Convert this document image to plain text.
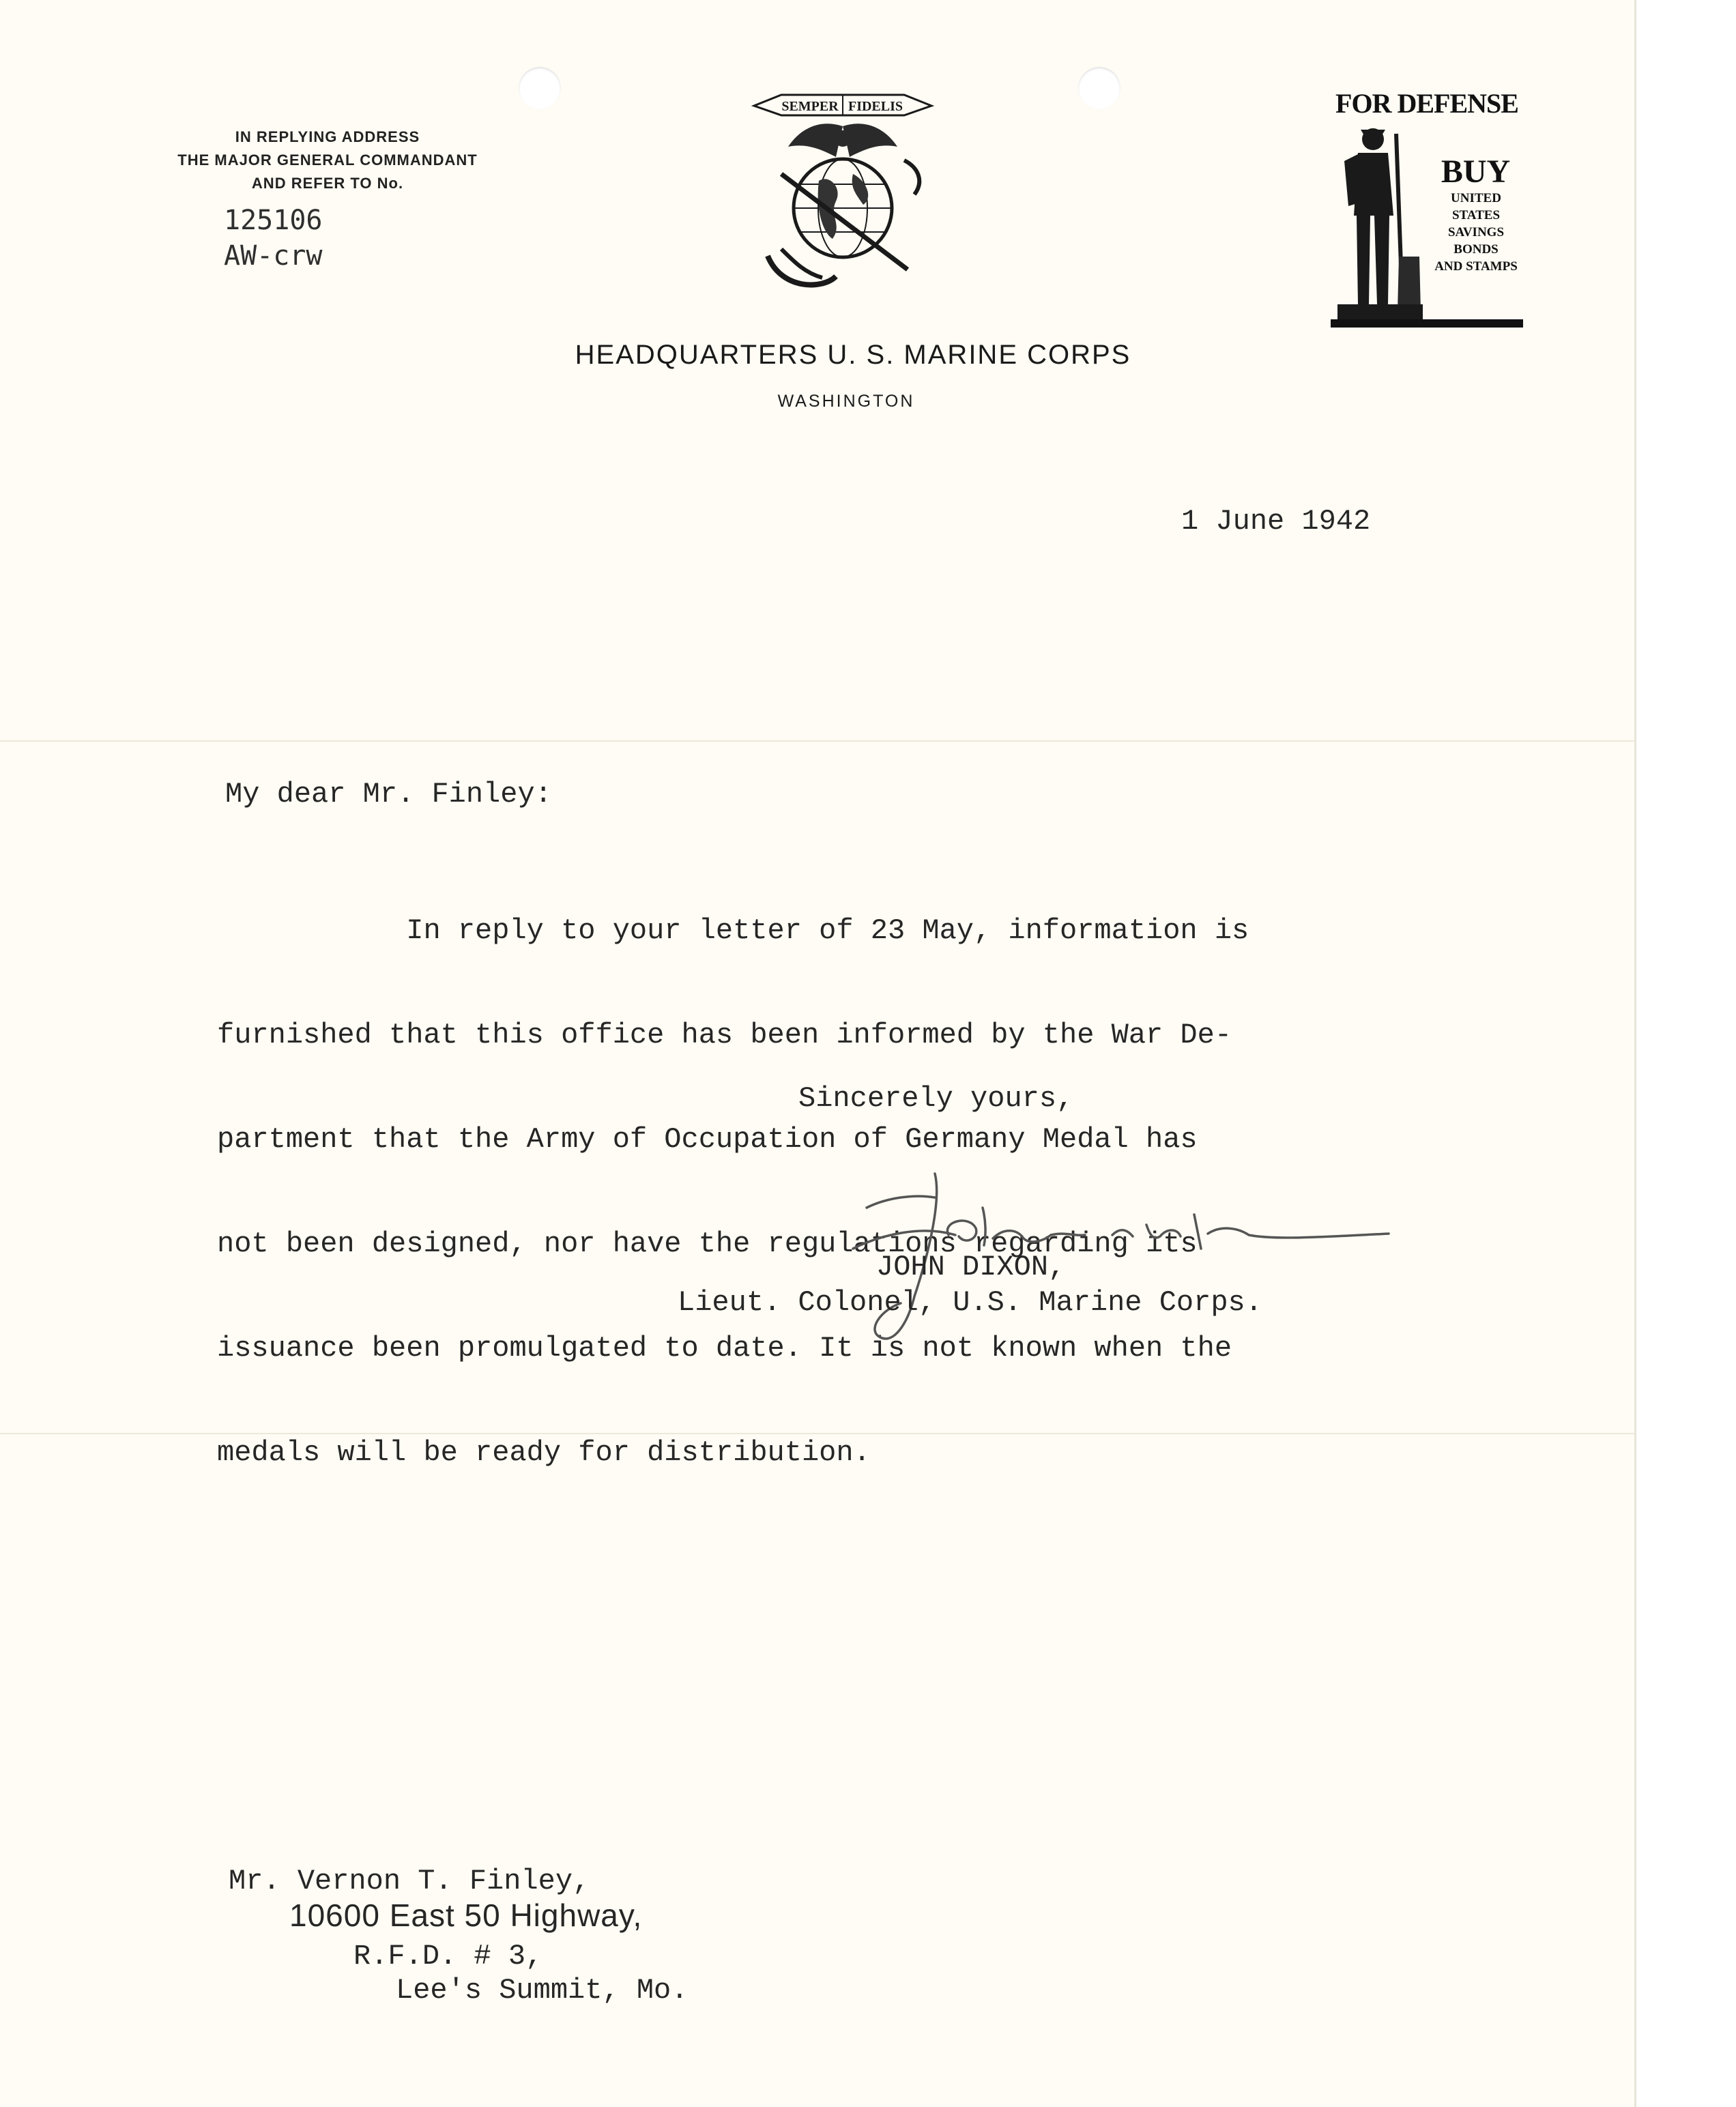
IN REPLYING ADDRESS
THE MAJOR GENERAL COMMANDANT
AND REFER TO No.
125106
AW-crw
SEMPER FIDELIS	FOR DEFENSE
BUY
UNITED
STATES
SAVINGS
BONDS
AND STAMPS
HEADQUARTERS U. S. MARINE CORPS
WASHINGTON
1 June 1942
My dear Mr. Finley:

In reply to your letter of 23 May, information is

furnished that this office has been informed by the War De-

partment that the Army of Occupation of Germany Medal has

not been designed, nor have the regulations regarding its

issuance been promulgated to date. It is not known when the

medals will be ready for distribution.

Sincerely yours,
JOHN DIXON,
Lieut. Colonel, U.S. Marine Corps.
Mr. Vernon T. Finley,
10600 East 50 Highway,
R.F.D. # 3,
Lee's Summit, Mo.
